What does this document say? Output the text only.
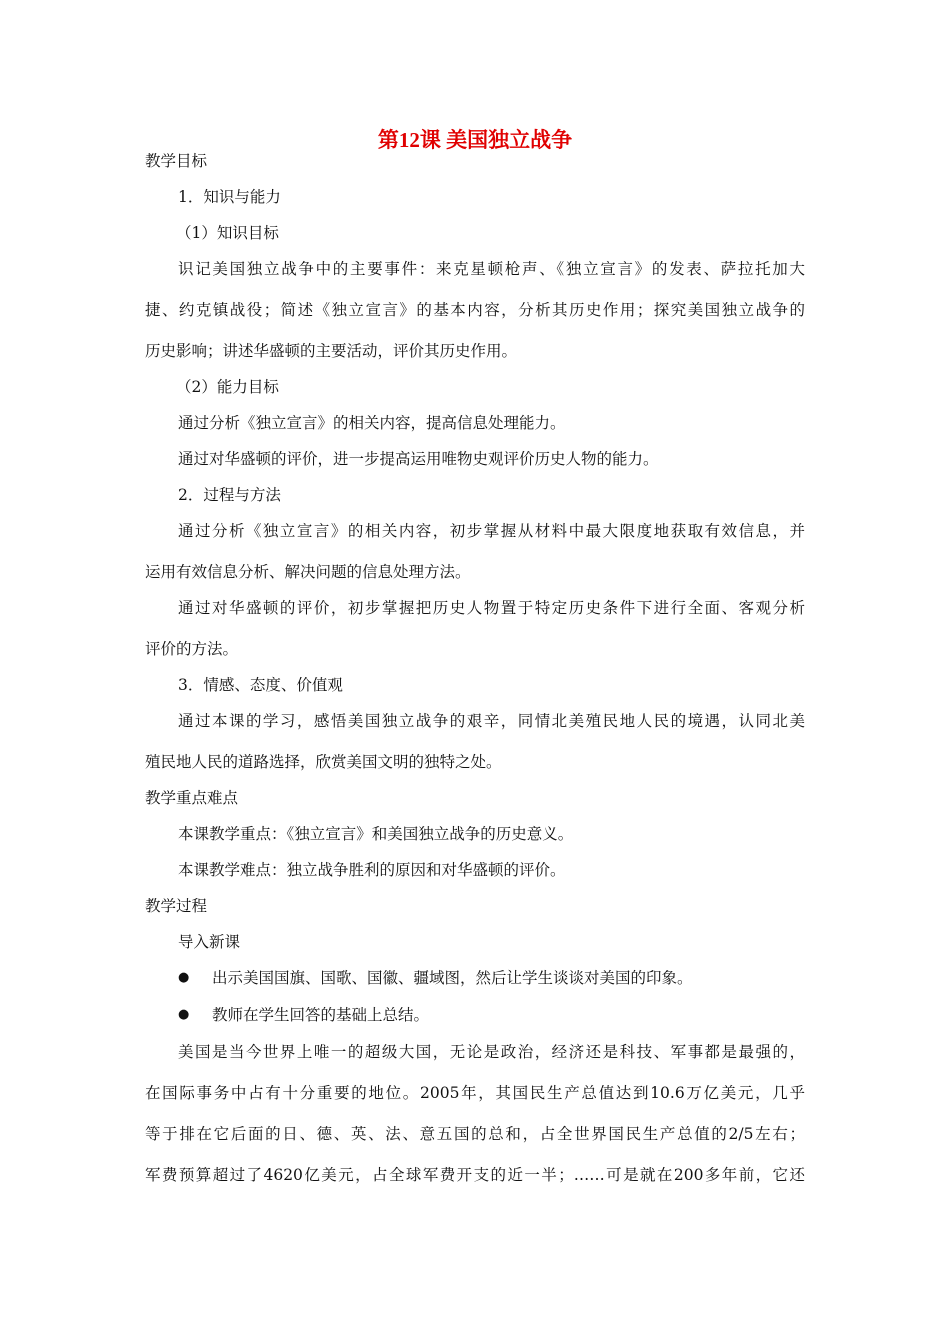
第12课 美国独立战争
教学目标
1．知识与能力
（1）知识目标
识记美国独立战争中的主要事件：来克星顿枪声、《独立宣言》的发表、萨拉托加大
捷、约克镇战役；简述《独立宣言》的基本内容，分析其历史作用；探究美国独立战争的
历史影响；讲述华盛顿的主要活动，评价其历史作用。
（2）能力目标
通过分析《独立宣言》的相关内容，提高信息处理能力。
通过对华盛顿的评价，进一步提高运用唯物史观评价历史人物的能力。
2．过程与方法
通过分析《独立宣言》的相关内容，初步掌握从材料中最大限度地获取有效信息，并
运用有效信息分析、解决问题的信息处理方法。
通过对华盛顿的评价，初步掌握把历史人物置于特定历史条件下进行全面、客观分析
评价的方法。
3．情感、态度、价值观
通过本课的学习，感悟美国独立战争的艰辛，同情北美殖民地人民的境遇，认同北美
殖民地人民的道路选择，欣赏美国文明的独特之处。
教学重点难点
本课教学重点：《独立宣言》和美国独立战争的历史意义。
本课教学难点：独立战争胜利的原因和对华盛顿的评价。
教学过程
导入新课
● 出示美国国旗、国歌、国徽、疆域图，然后让学生谈谈对美国的印象。
● 教师在学生回答的基础上总结。
美国是当今世界上唯一的超级大国，无论是政治，经济还是科技、军事都是最强的，
在国际事务中占有十分重要的地位。2005年，其国民生产总值达到10.6万亿美元，几乎
等于排在它后面的日、德、英、法、意五国的总和，占全世界国民生产总值的2/5左右；
军费预算超过了4620亿美元，占全球军费开支的近一半；……可是就在200多年前，它还
